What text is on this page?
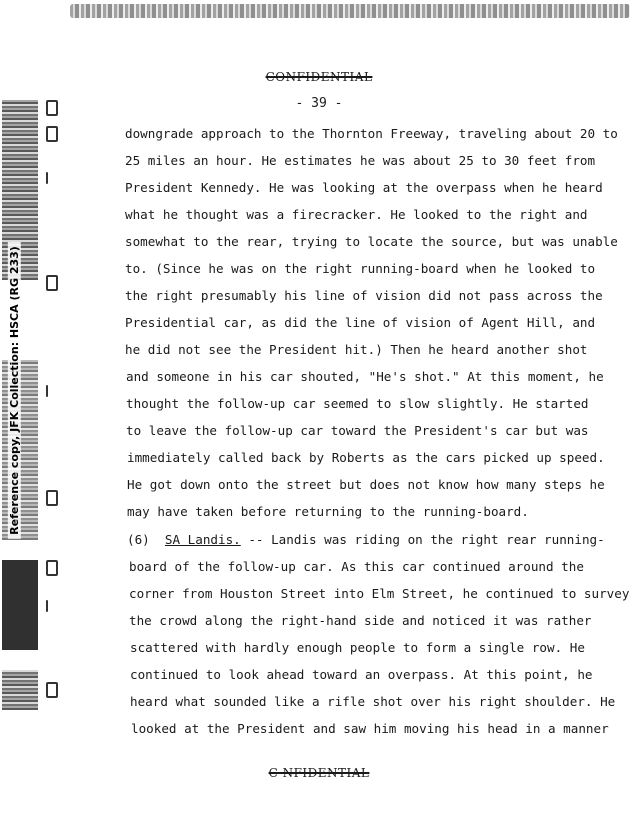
Reference copy, JFK Collection: HSCA (RG 233)
CONFIDENTIAL
- 39 -
downgrade approach to the Thornton Freeway, traveling about 20 to
25 miles an hour. He estimates he was about 25 to 30 feet from
President Kennedy. He was looking at the overpass when he heard
what he thought was a firecracker. He looked to the right and
somewhat to the rear, trying to locate the source, but was unable
to. (Since he was on the right running-board when he looked to
the right presumably his line of vision did not pass across the
Presidential car, as did the line of vision of Agent Hill, and
he did not see the President hit.) Then he heard another shot
and someone in his car shouted, "He's shot." At this moment, he
thought the follow-up car seemed to slow slightly. He started
to leave the follow-up car toward the President's car but was
immediately called back by Roberts as the cars picked up speed.
He got down onto the street but does not know how many steps he
may have taken before returning to the running-board.
(6) SA Landis. -- Landis was riding on the right rear running-
board of the follow-up car. As this car continued around the
corner from Houston Street into Elm Street, he continued to survey
the crowd along the right-hand side and noticed it was rather
scattered with hardly enough people to form a single row. He
continued to look ahead toward an overpass. At this point, he
heard what sounded like a rifle shot over his right shoulder. He
looked at the President and saw him moving his head in a manner
C NFIDENTIAL
